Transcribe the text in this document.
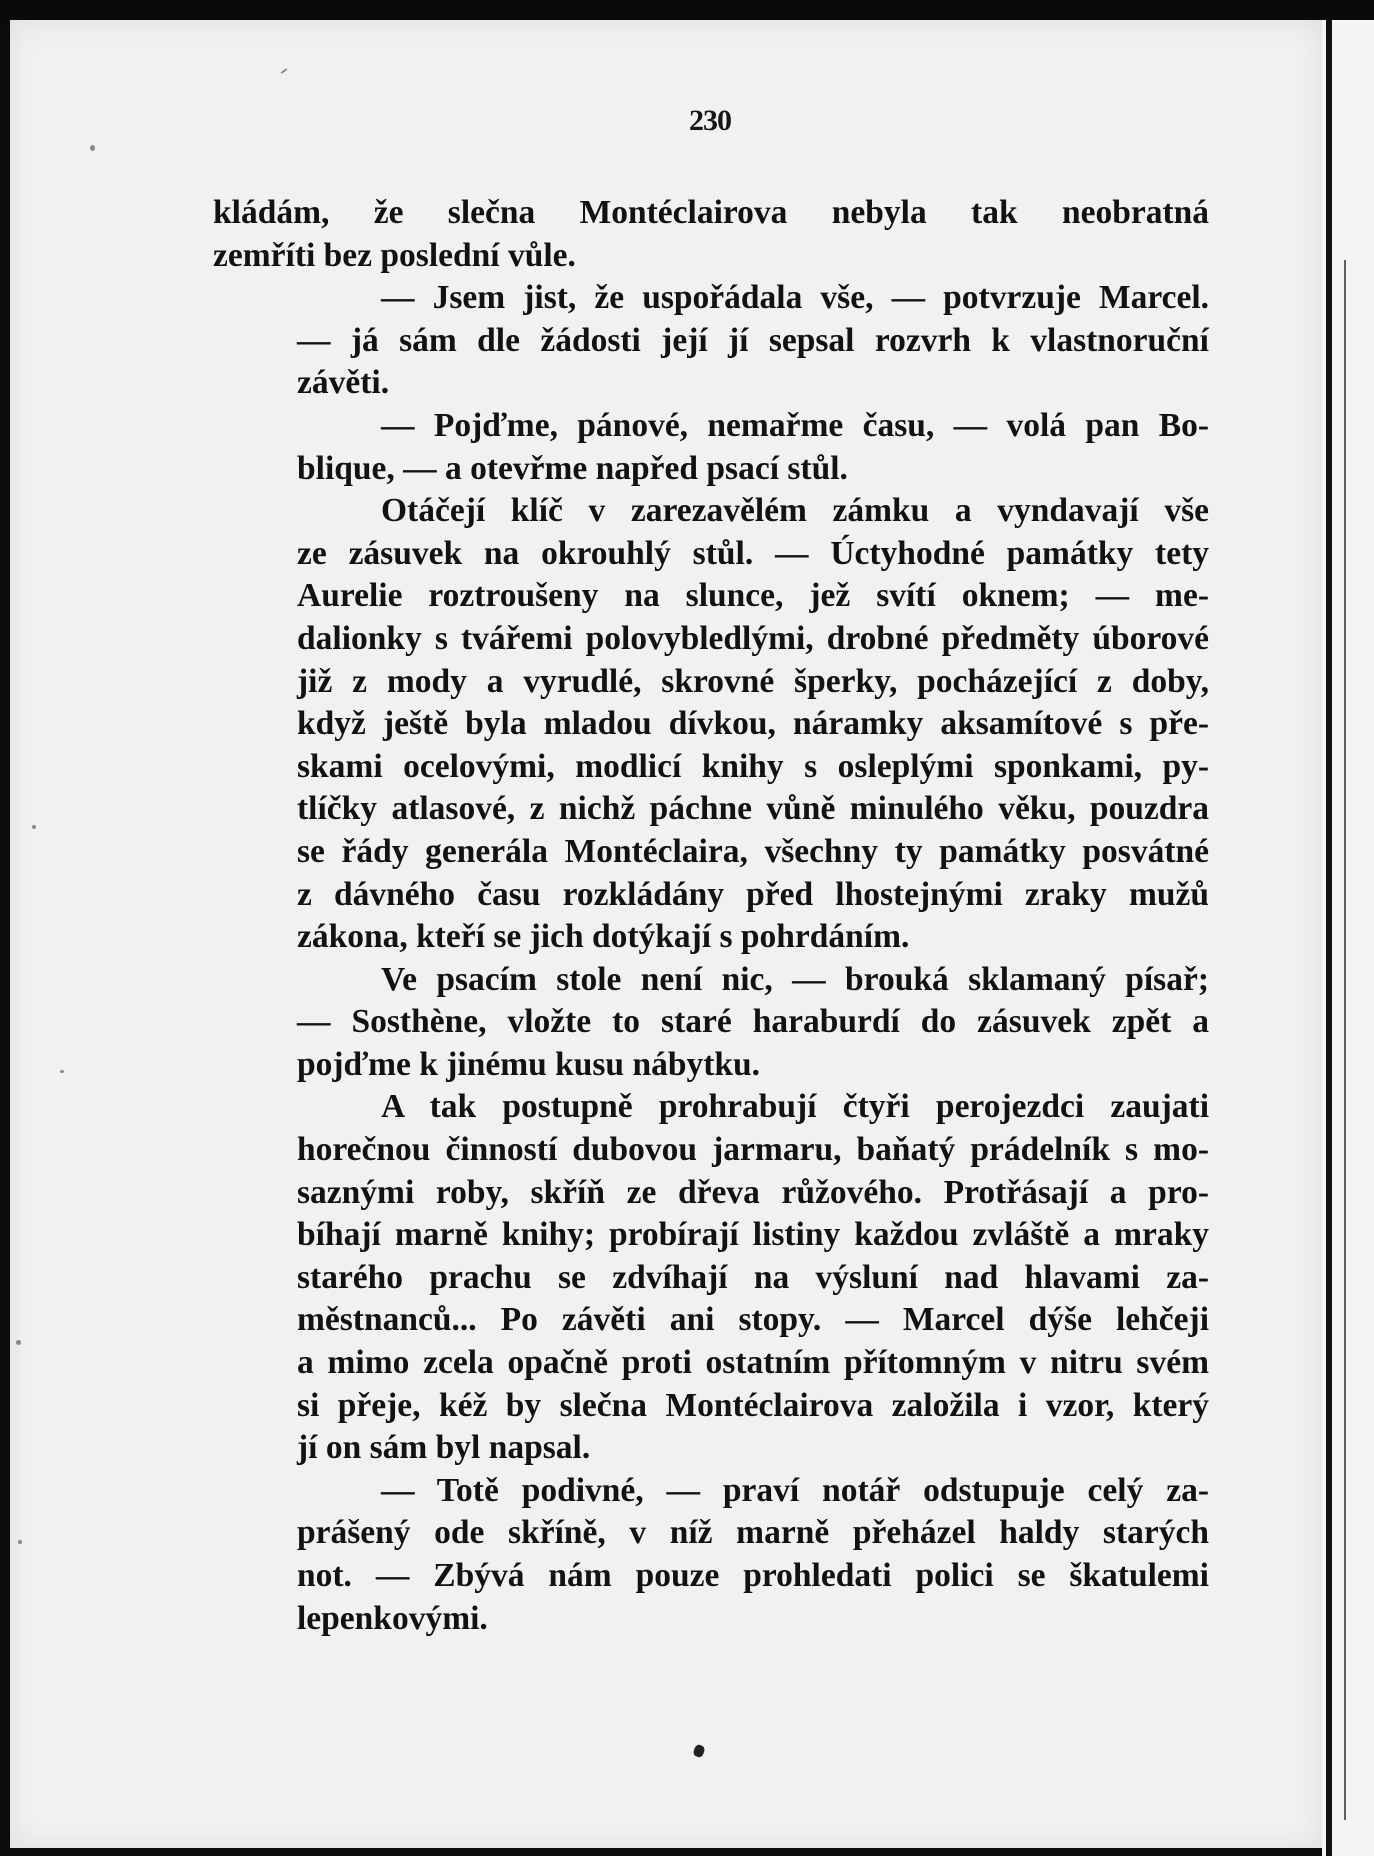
230
kládám, že slečna Montéclairova nebyla tak neobratná
zemříti bez poslední vůle.
— Jsem jist, že uspořádala vše, — potvrzuje Marcel.
— já sám dle žádosti její jí sepsal rozvrh k vlastnoruční
závěti.
— Pojďme, pánové, nemařme času, — volá pan Bo-
blique, — a otevřme napřed psací stůl.
Otáčejí klíč v zarezavělém zámku a vyndavají vše
ze zásuvek na okrouhlý stůl. — Úctyhodné památky tety
Aurelie roztroušeny na slunce, jež svítí oknem; — me-
dalionky s tvářemi polovybledlými, drobné předměty úborové
již z mody a vyrudlé, skrovné šperky, pocházející z doby,
když ještě byla mladou dívkou, náramky aksamítové s pře-
skami ocelovými, modlicí knihy s osleplými sponkami, py-
tlíčky atlasové, z nichž páchne vůně minulého věku, pouzdra
se řády generála Montéclaira, všechny ty památky posvátné
z dávného času rozkládány před lhostejnými zraky mužů
zákona, kteří se jich dotýkají s pohrdáním.
Ve psacím stole není nic, — brouká sklamaný písař;
— Sosthène, vložte to staré haraburdí do zásuvek zpět a
pojďme k jinému kusu nábytku.
A tak postupně prohrabují čtyři perojezdci zaujati
horečnou činností dubovou jarmaru, baňatý prádelník s mo-
saznými roby, skříň ze dřeva růžového. Protřásají a pro-
bíhají marně knihy; probírají listiny každou zvláště a mraky
starého prachu se zdvíhají na výsluní nad hlavami za-
městnanců... Po závěti ani stopy. — Marcel dýše lehčeji
a mimo zcela opačně proti ostatním přítomným v nitru svém
si přeje, kéž by slečna Montéclairova založila i vzor, který
jí on sám byl napsal.
— Totě podivné, — praví notář odstupuje celý za-
prášený ode skříně, v níž marně přeházel haldy starých
not. — Zbývá nám pouze prohledati polici se škatulemi
lepenkovými.
